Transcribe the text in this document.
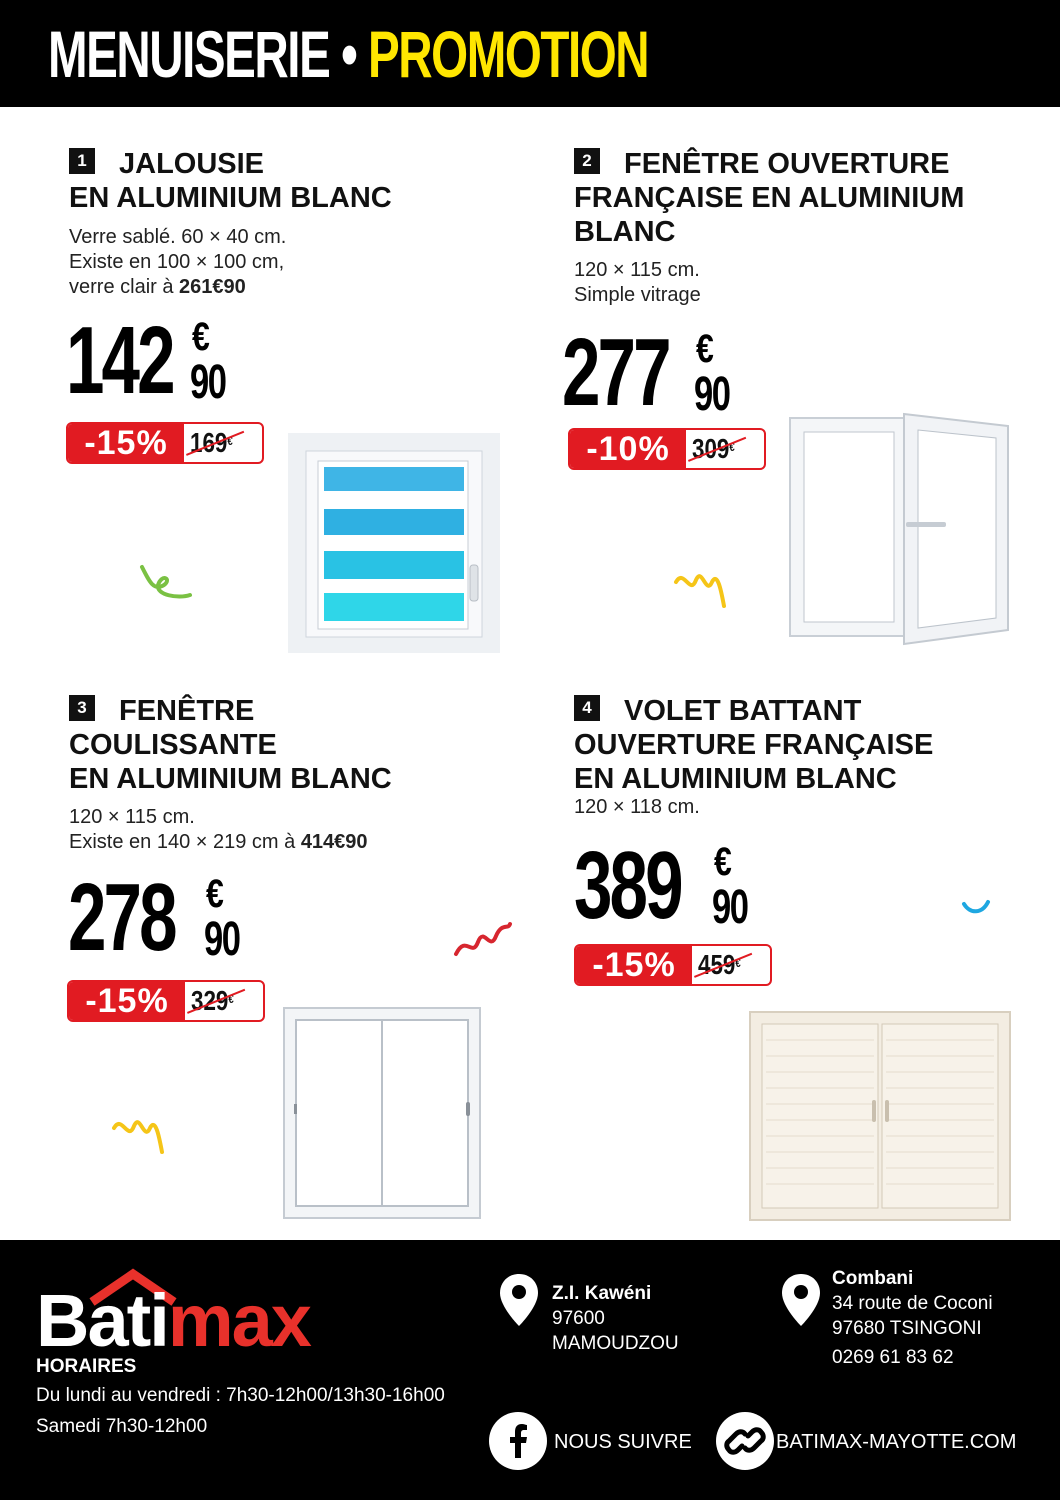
MENUISERIE • PROMOTION
1	JALOUSIE
EN ALUMINIUM BLANC
Verre sablé. 60 × 40 cm.
Existe en 100 × 100 cm,
verre clair à 261€90
142 €
90
-15% 169€
2	FENÊTRE OUVERTURE
FRANÇAISE EN ALUMINIUM
BLANC
120 × 115 cm.
Simple vitrage
277 €
90
-10% 309€
3	FENÊTRE
COULISSANTE
EN ALUMINIUM BLANC
120 × 115 cm.
Existe en 140 × 219 cm à 414€90
278 €
90
-15% 329€
4	VOLET BATTANT
OUVERTURE FRANÇAISE
EN ALUMINIUM BLANC
120 × 118 cm.
389 €
90
-15% 459€
Batimax
HORAIRES
Du lundi au vendredi : 7h30-12h00/13h30-16h00
Samedi 7h30-12h00
Z.I. Kawéni
97600
MAMOUDZOU
Combani
34 route de Coconi
97680 TSINGONI
0269 61 83 62
NOUS SUIVRE	BATIMAX-MAYOTTE.COM
